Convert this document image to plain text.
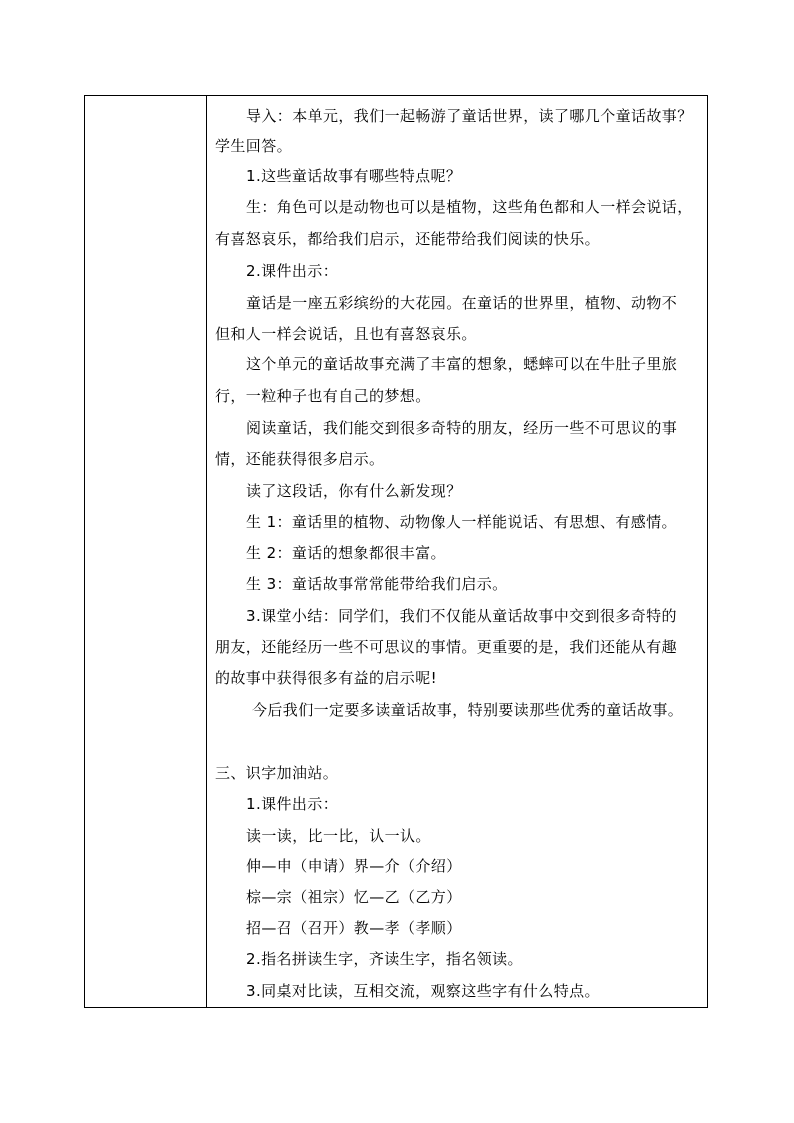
导入：本单元，我们一起畅游了童话世界，读了哪几个童话故事？
学生回答。
1.这些童话故事有哪些特点呢？
生：角色可以是动物也可以是植物，这些角色都和人一样会说话，
有喜怒哀乐，都给我们启示，还能带给我们阅读的快乐。
2.课件出示：
童话是一座五彩缤纷的大花园。在童话的世界里，植物、动物不
但和人一样会说话，且也有喜怒哀乐。
这个单元的童话故事充满了丰富的想象，蟋蟀可以在牛肚子里旅
行，一粒种子也有自己的梦想。
阅读童话，我们能交到很多奇特的朋友，经历一些不可思议的事
情，还能获得很多启示。
读了这段话，你有什么新发现？
生 1：童话里的植物、动物像人一样能说话、有思想、有感情。
生 2：童话的想象都很丰富。
生 3：童话故事常常能带给我们启示。
3.课堂小结：同学们，我们不仅能从童话故事中交到很多奇特的
朋友，还能经历一些不可思议的事情。更重要的是，我们还能从有趣
的故事中获得很多有益的启示呢!
今后我们一定要多读童话故事，特别要读那些优秀的童话故事。
三、识字加油站。
1.课件出示：
读一读，比一比，认一认。
伸—申（申请）界—介（介绍）
棕—宗（祖宗）忆—乙（乙方）
招—召（召开）教—孝（孝顺）
2.指名拼读生字，齐读生字，指名领读。
3.同桌对比读，互相交流，观察这些字有什么特点。
